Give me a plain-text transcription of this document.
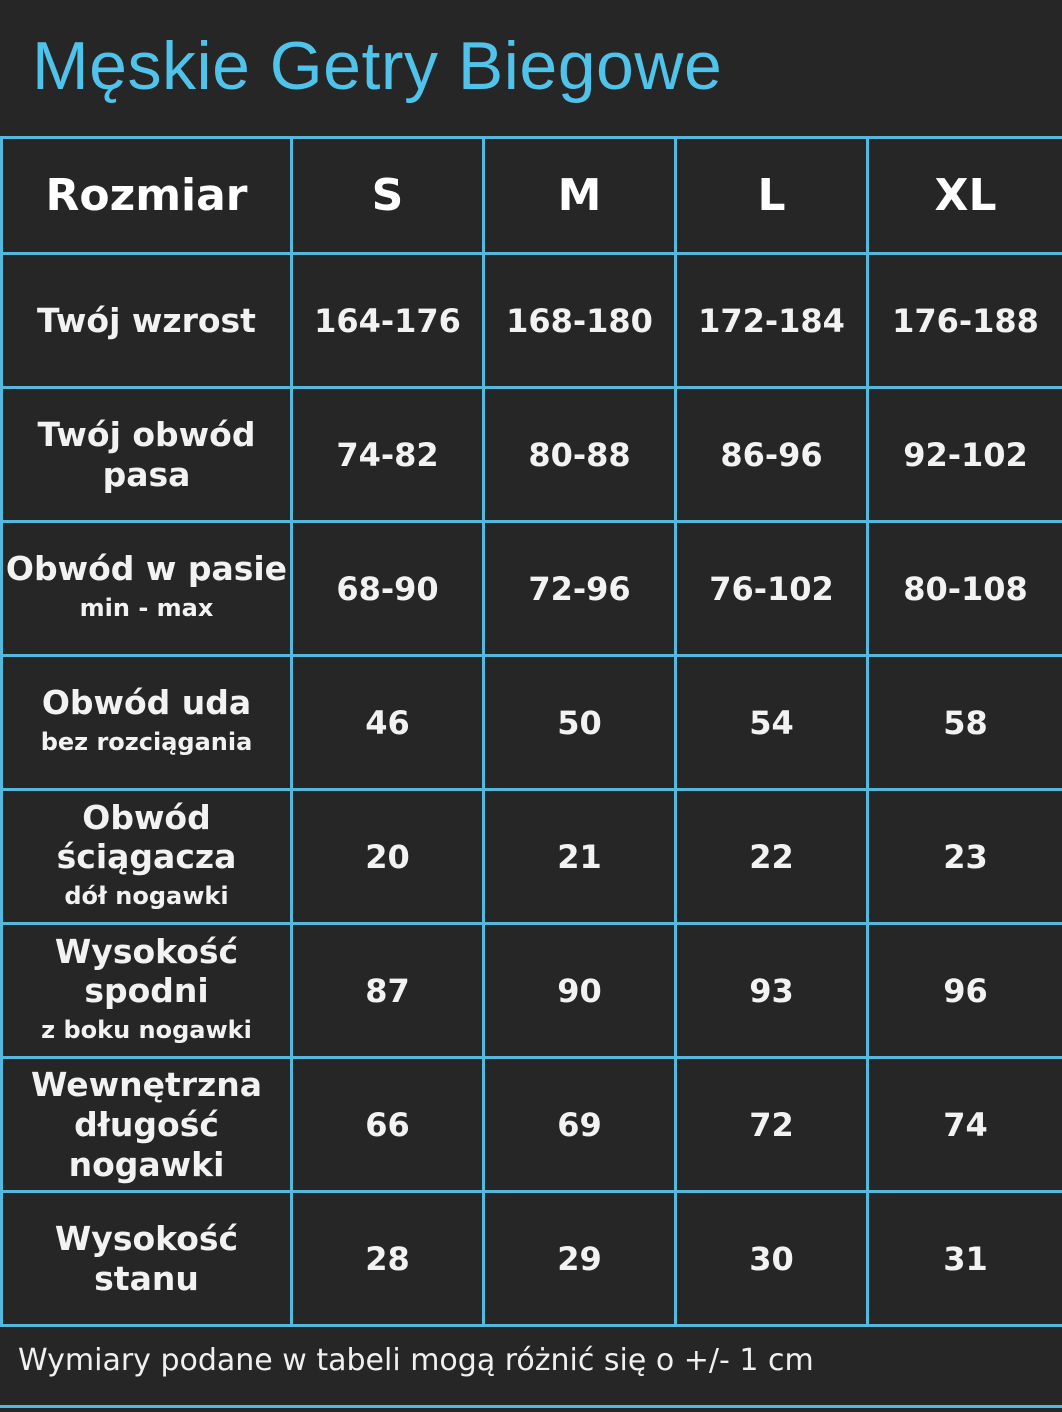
Męskie Getry Biegowe
Rozmiar	S	M	L	XL

Twój wzrost	164-176	168-180	172-184	176-188

Twój obwód pasa	74-82	80-88	86-96	92-102

Obwód w pasie
min - max	68-90	72-96	76-102	80-108

Obwód uda
bez rozciągania	46	50	54	58

Obwód ściągacza
dół nogawki	20	21	22	23

Wysokość spodni
z boku nogawki	87	90	93	96

Wewnętrzna długość nogawki	66	69	72	74

Wysokość stanu	28	29	30	31
Wymiary podane w tabeli mogą różnić się o +/- 1 cm
